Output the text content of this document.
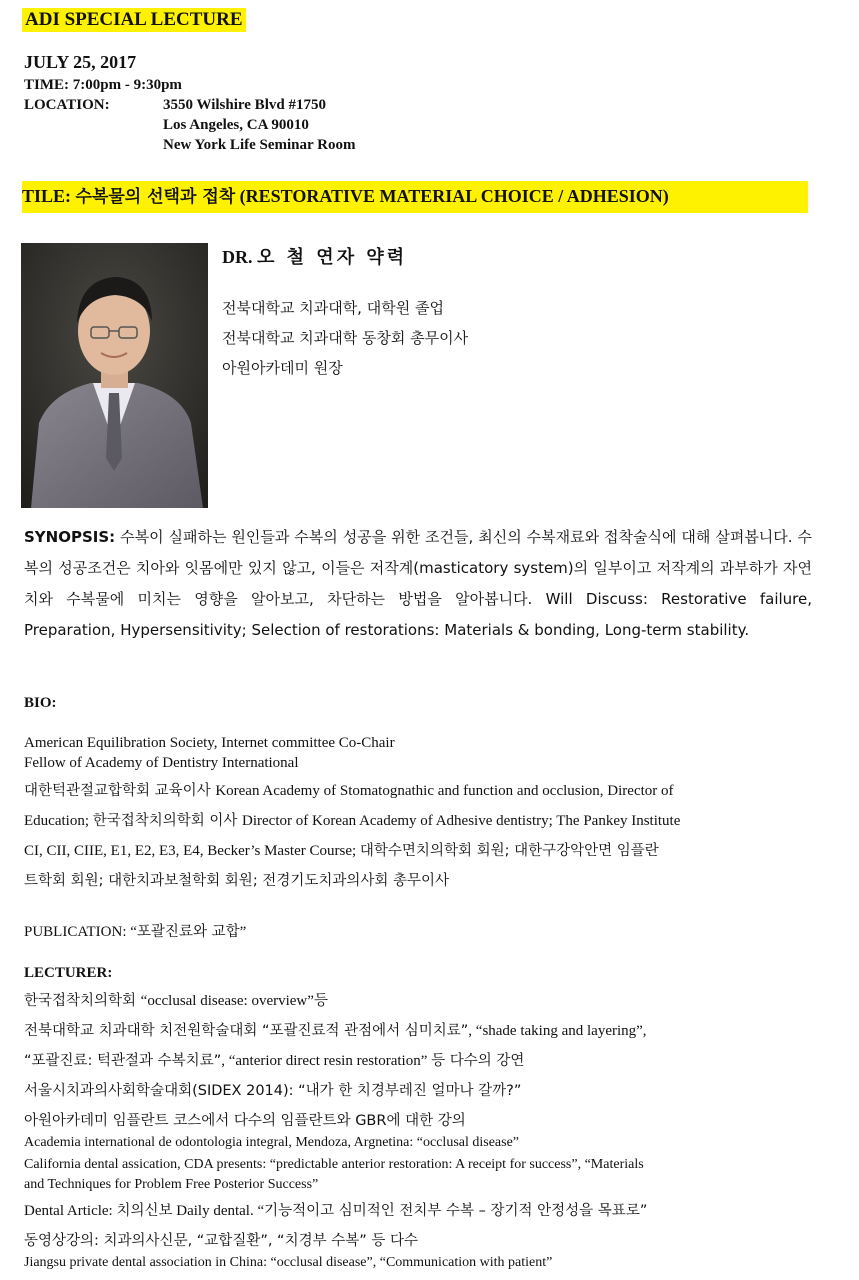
ADI SPECIAL LECTURE
JULY 25, 2017
TIME: 7:00pm - 9:30pm
LOCATION:	3550 Wilshire Blvd #1750
Los Angeles, CA 90010
New York Life Seminar Room
TILE: 수복물의 선택과 접착 (RESTORATIVE MATERIAL CHOICE / ADHESION)
DR. 오 철 연자 약력
전북대학교 치과대학, 대학원 졸업
전북대학교 치과대학 동창회 총무이사
아원아카데미 원장
SYNOPSIS: 수복이 실패하는 원인들과 수복의 성공을 위한 조건들, 최신의 수복재료와 접착술식에 대해 살펴봅니다. 수복의 성공조건은 치아와 잇몸에만 있지 않고, 이들은 저작계(masticatory system)의 일부이고 저작계의 과부하가 자연치와 수복물에 미치는 영향을 알아보고, 차단하는 방법을 알아봅니다. Will Discuss: Restorative failure, Preparation, Hypersensitivity; Selection of restorations: Materials & bonding, Long-term stability.
BIO:
American Equilibration Society, Internet committee Co-Chair
Fellow of Academy of Dentistry International
대한턱관절교합학회 교육이사 Korean Academy of Stomatognathic and function and occlusion, Director of
Education; 한국접착치의학회 이사 Director of Korean Academy of Adhesive dentistry; The Pankey Institute
CI, CII, CIIE, E1, E2, E3, E4, Becker’s Master Course; 대학수면치의학회 회원; 대한구강악안면 임플란
트학회 회원; 대한치과보철학회 회원; 전경기도치과의사회 총무이사
PUBLICATION: “포괄진료와 교합”
LECTURER:
한국접착치의학회 “occlusal disease: overview”등
전북대학교 치과대학 치전원학술대회 “포괄진료적 관점에서 심미치료”, “shade taking and layering”,
“포괄진료: 턱관절과 수복치료”, “anterior direct resin restoration” 등 다수의 강연
서울시치과의사회학술대회(SIDEX 2014): “내가 한 치경부레진 얼마나 갈까?”
아원아카데미 임플란트 코스에서 다수의 임플란트와 GBR에 대한 강의
Academia international de odontologia integral, Mendoza, Argnetina: “occlusal disease”
California dental assication, CDA presents: “predictable anterior restoration: A receipt for success”, “Materials
and Techniques for Problem Free Posterior Success”
Dental Article: 치의신보 Daily dental. “기능적이고 심미적인 전치부 수복 – 장기적 안정성을 목표로”
동영상강의: 치과의사신문, “교합질환”, “치경부 수복” 등 다수
Jiangsu private dental association in China: “occlusal disease”, “Communication with patient”
